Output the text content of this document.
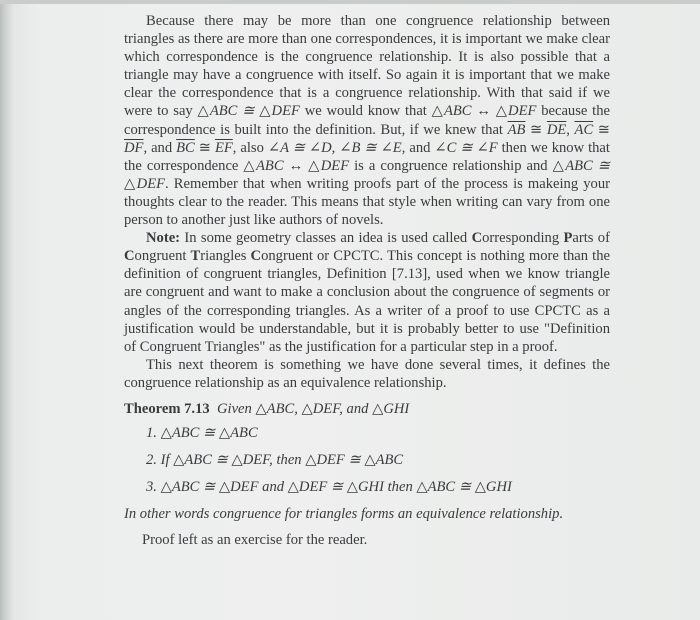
Because there may be more than one congruence relationship between triangles as there are more than one correspondences, it is important we make clear which correspondence is the congruence relationship. It is also possible that a triangle may have a congruence with itself. So again it is important that we make clear the correspondence that is a congruence relationship. With that said if we were to say △ABC ≅ △DEF we would know that △ABC ↔ △DEF because the correspondence is built into the definition. But, if we knew that $\overline{AB}$ ≅ $\overline{DE}$, $\overline{AC}$ ≅ $\overline{DF}$, and $\overline{BC}$ ≅ $\overline{EF}$, also ∠A ≅ ∠D, ∠B ≅ ∠E, and ∠C ≅ ∠F then we know that the correspondence △ABC ↔ △DEF is a congruence relationship and △ABC ≅ △DEF. Remember that when writing proofs part of the process is makeing your thoughts clear to the reader. This means that style when writing can vary from one person to another just like authors of novels.

Note: In some geometry classes an idea is used called Corresponding Parts of Congruent Triangles Congruent or CPCTC. This concept is nothing more than the definition of congruent triangles, Definition [7.13], used when we know triangle are congruent and want to make a conclusion about the congruence of segments or angles of the corresponding triangles. As a writer of a proof to use CPCTC as a justification would be understandable, but it is probably better to use "Definition of Congruent Triangles" as the justification for a particular step in a proof.

This next theorem is something we have done several times, it defines the congruence relationship as an equivalence relationship.

Theorem 7.13 Given △ABC, △DEF, and △GHI

1. △ABC ≅ △ABC
2. If △ABC ≅ △DEF, then △DEF ≅ △ABC
3. △ABC ≅ △DEF and △DEF ≅ △GHI then △ABC ≅ △GHI

In other words congruence for triangles forms an equivalence relationship.

Proof left as an exercise for the reader.
